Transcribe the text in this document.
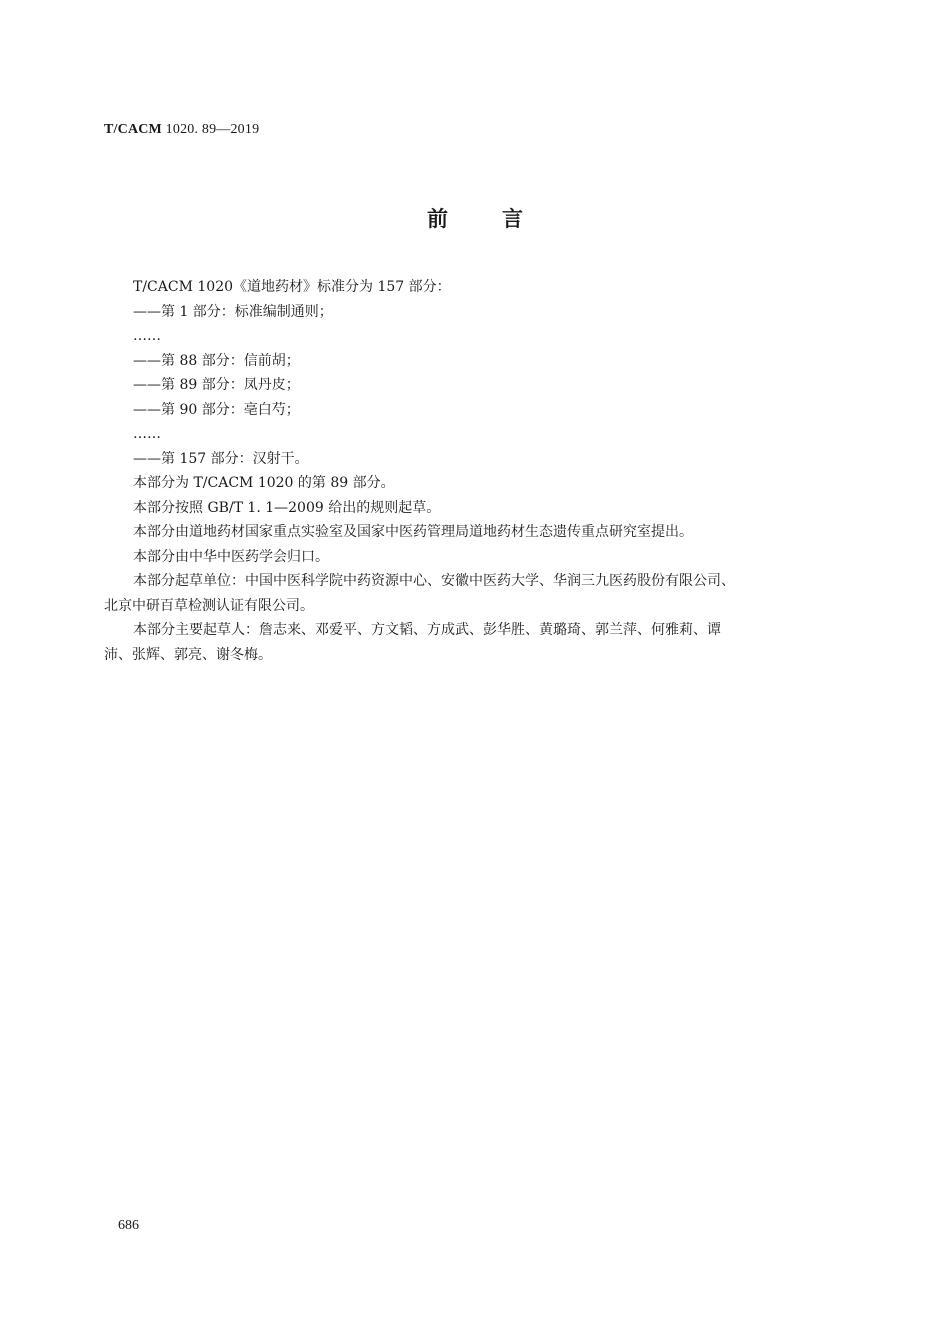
T/CACM 1020. 89—2019
前	言

T/CACM 1020《道地药材》标准分为 157 部分：

——第 1 部分：标准编制通则；

……

——第 88 部分：信前胡；

——第 89 部分：凤丹皮；

——第 90 部分：亳白芍；

……

——第 157 部分：汉射干。

本部分为 T/CACM 1020 的第 89 部分。

本部分按照 GB/T 1. 1—2009 给出的规则起草。

本部分由道地药材国家重点实验室及国家中医药管理局道地药材生态遗传重点研究室提出。

本部分由中华中医药学会归口。

本部分起草单位：中国中医科学院中药资源中心、安徽中医药大学、华润三九医药股份有限公司、

北京中研百草检测认证有限公司。

本部分主要起草人：詹志来、邓爱平、方文韬、方成武、彭华胜、黄璐琦、郭兰萍、何雅莉、谭

沛、张辉、郭亮、谢冬梅。

686
